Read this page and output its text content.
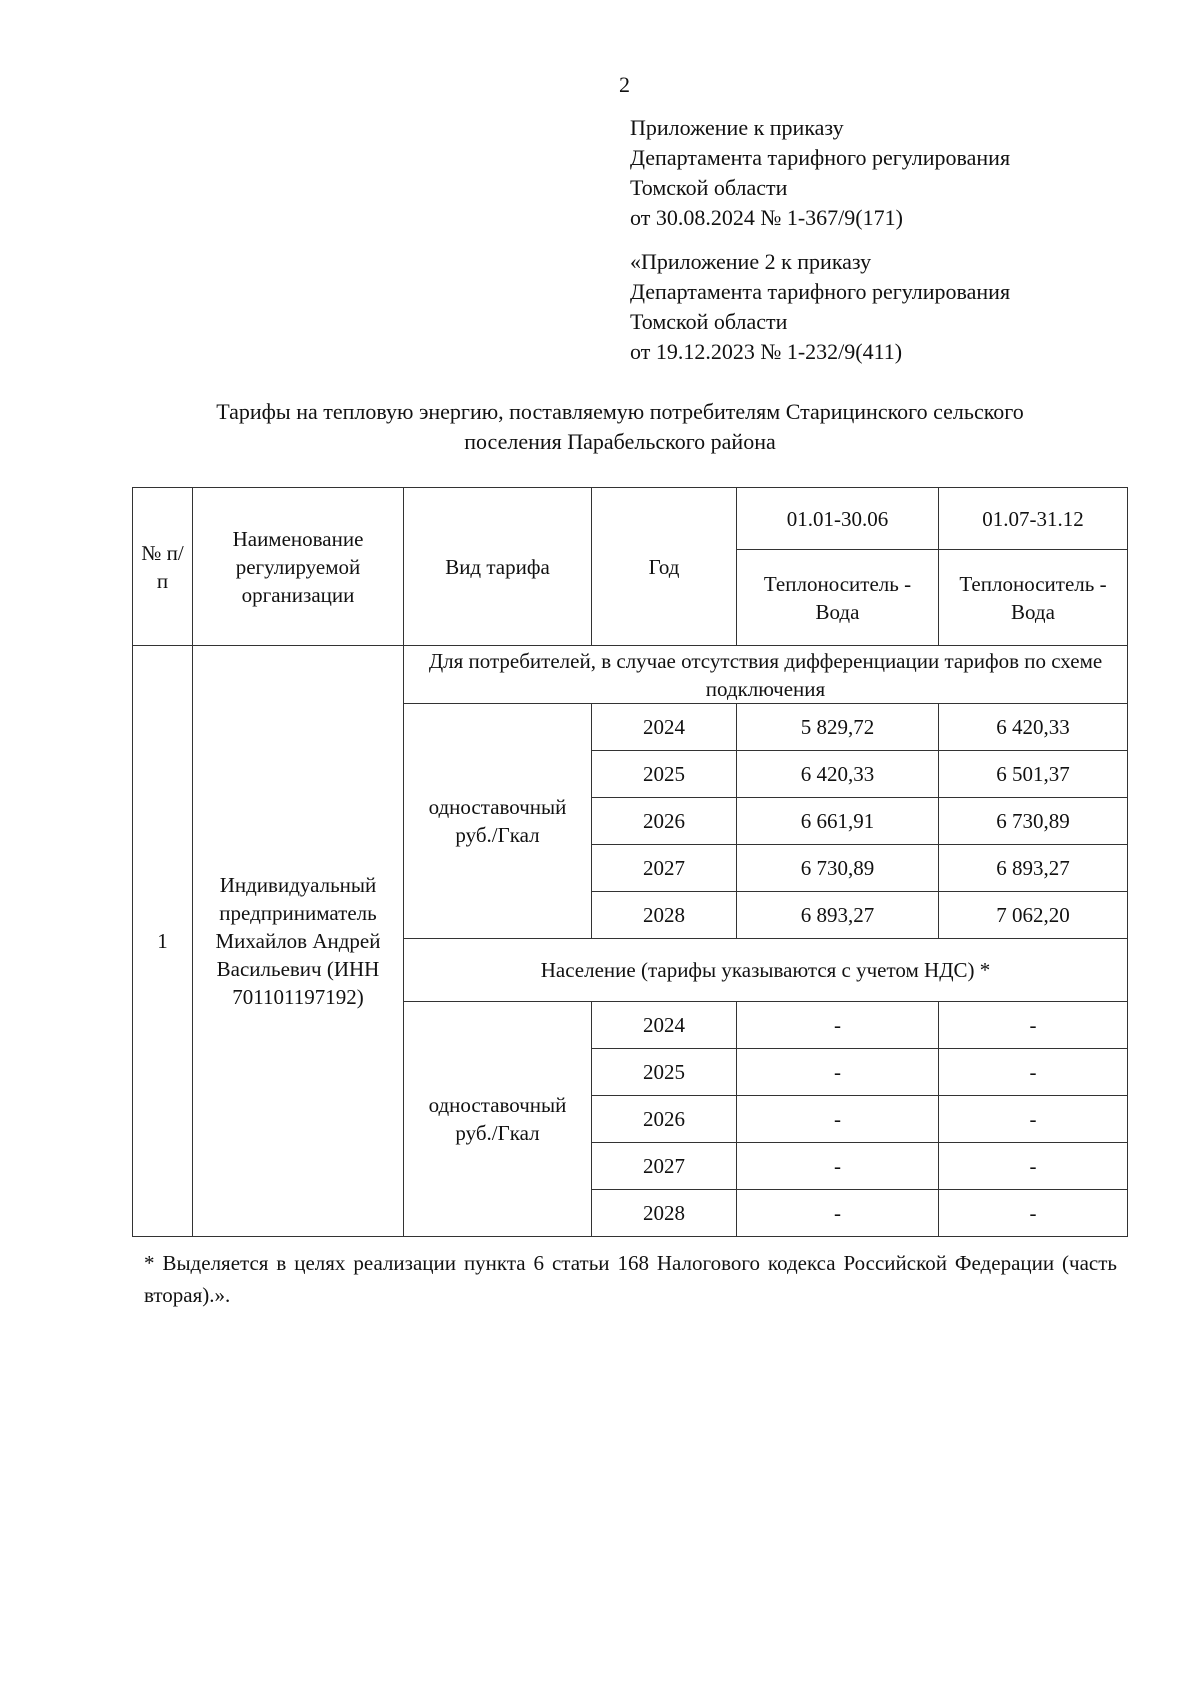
2
Приложение к приказу
Департамента тарифного регулирования
Томской области
от 30.08.2024 № 1-367/9(171)
«Приложение 2 к приказу
Департамента тарифного регулирования
Томской области
от 19.12.2023 № 1-232/9(411)
Тарифы на тепловую энергию, поставляемую потребителям Старицинского сельского
поселения Парабельского района
№ п/п	Наименование регулируемой организации	Вид тарифа	Год	01.01-30.06	01.07-31.12
				Теплоноситель - Вода	Теплоноситель - Вода
1	Индивидуальный предприниматель Михайлов Андрей Васильевич (ИНН 701101197192)	Для потребителей, в случае отсутствия дифференциации тарифов по схеме подключения			
		одноставочный руб./Гкал	2024	5 829,72	6 420,33
			2025	6 420,33	6 501,37
			2026	6 661,91	6 730,89
			2027	6 730,89	6 893,27
			2028	6 893,27	7 062,20
		Население (тарифы указываются с учетом НДС) *			
		одноставочный руб./Гкал	2024	-	-
			2025	-	-
			2026	-	-
			2027	-	-
			2028	-	-
* Выделяется в целях реализации пункта 6 статьи 168 Налогового кодекса Российской Федерации (часть вторая).».
